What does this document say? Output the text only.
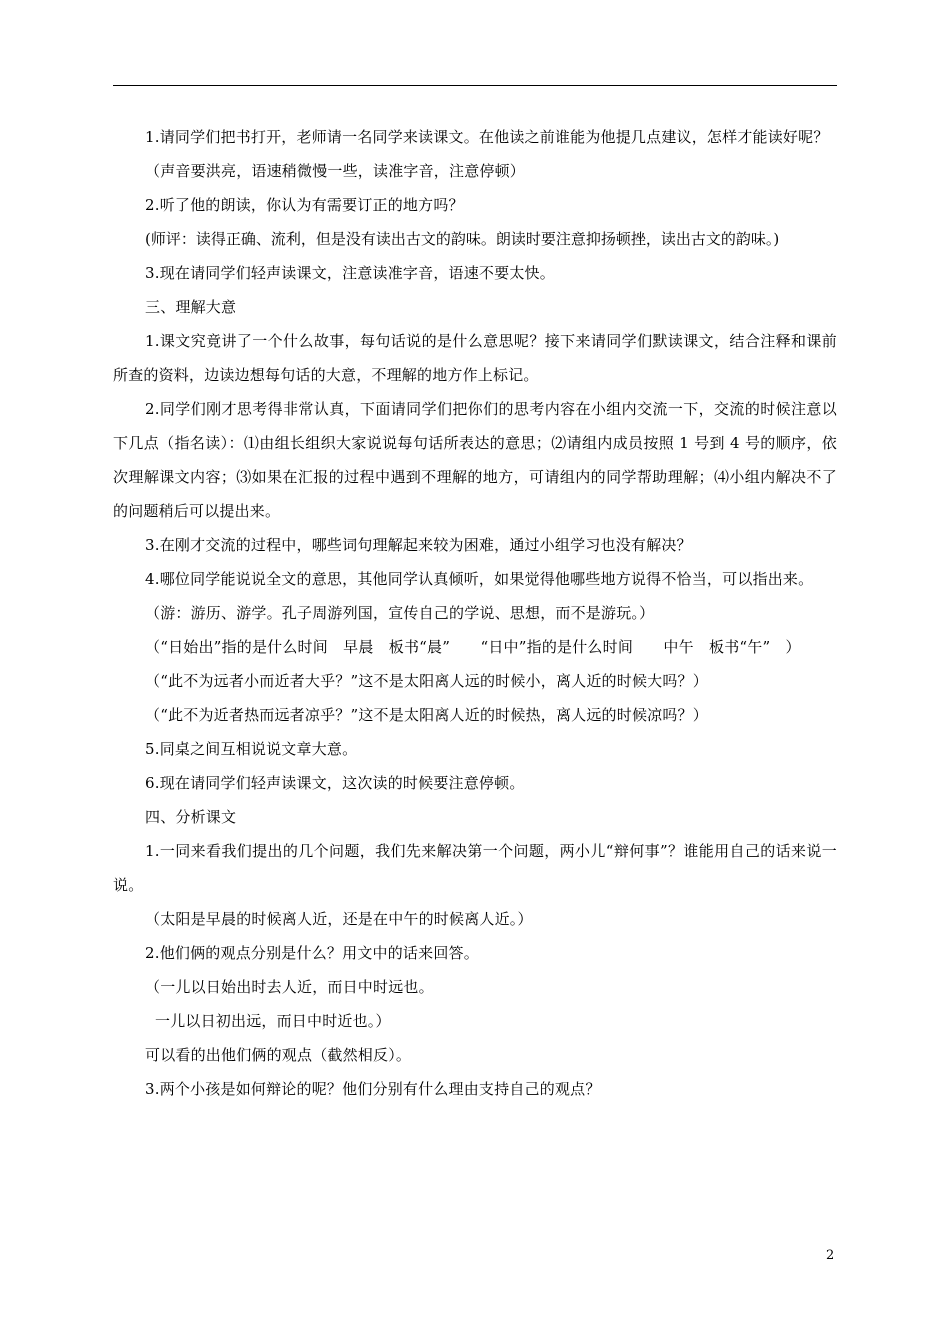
1.请同学们把书打开，老师请一名同学来读课文。在他读之前谁能为他提几点建议，怎样才能读好呢？

（声音要洪亮，语速稍微慢一些，读准字音，注意停顿）

2.听了他的朗读，你认为有需要订正的地方吗？

(师评：读得正确、流利，但是没有读出古文的韵味。朗读时要注意抑扬顿挫，读出古文的韵味。)

3.现在请同学们轻声读课文，注意读准字音，语速不要太快。

三、理解大意

1.课文究竟讲了一个什么故事，每句话说的是什么意思呢？接下来请同学们默读课文，结合注释和课前所查的资料，边读边想每句话的大意，不理解的地方作上标记。

2.同学们刚才思考得非常认真，下面请同学们把你们的思考内容在小组内交流一下，交流的时候注意以下几点（指名读）：⑴由组长组织大家说说每句话所表达的意思；⑵请组内成员按照 1 号到 4 号的顺序，依次理解课文内容；⑶如果在汇报的过程中遇到不理解的地方，可请组内的同学帮助理解；⑷小组内解决不了的问题稍后可以提出来。

3.在刚才交流的过程中，哪些词句理解起来较为困难，通过小组学习也没有解决？

4.哪位同学能说说全文的意思，其他同学认真倾听，如果觉得他哪些地方说得不恰当，可以指出来。

（游：游历、游学。孔子周游列国，宣传自己的学说、思想，而不是游玩。）

（“日始出”指的是什么时间　早晨　板书“晨”　　“日中”指的是什么时间　　中午　板书“午”　）

（“此不为远者小而近者大乎？”这不是太阳离人远的时候小，离人近的时候大吗？）

（“此不为近者热而远者凉乎？”这不是太阳离人近的时候热，离人远的时候凉吗？）

5.同桌之间互相说说文章大意。

6.现在请同学们轻声读课文，这次读的时候要注意停顿。

四、分析课文

1.一同来看我们提出的几个问题，我们先来解决第一个问题，两小儿“辩何事”？谁能用自己的话来说一说。

（太阳是早晨的时候离人近，还是在中午的时候离人近。）

2.他们俩的观点分别是什么？用文中的话来回答。

（一儿以日始出时去人近，而日中时远也。

一儿以日初出远，而日中时近也。）

可以看的出他们俩的观点（截然相反）。

3.两个小孩是如何辩论的呢？他们分别有什么理由支持自己的观点？

2
